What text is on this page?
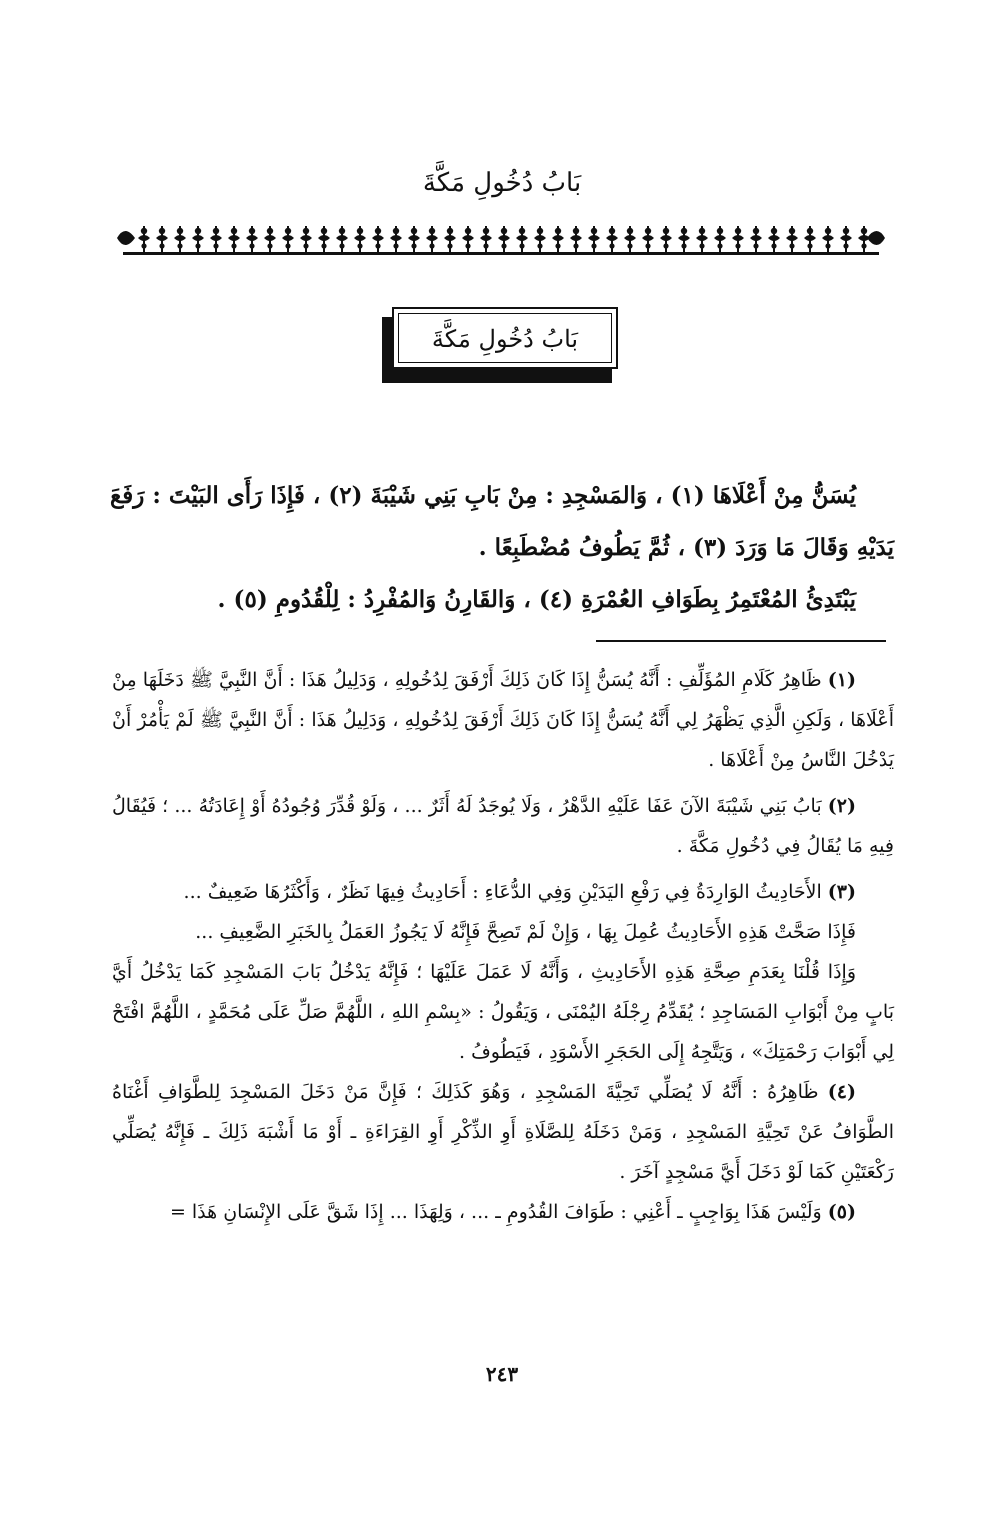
بَابُ دُخُولِ مَكَّةَ
بَابُ دُخُولِ مَكَّةَ

يُسَنُّ مِنْ أَعْلَاهَا (١) ، وَالمَسْجِدِ : مِنْ بَابِ بَنِي شَيْبَةَ (٢) ، فَإِذَا رَأَى البَيْتَ : رَفَعَ يَدَيْهِ وَقَالَ مَا وَرَدَ (٣) ، ثُمَّ يَطُوفُ مُضْطَبِعًا .

يَبْتَدِئُ المُعْتَمِرُ بِطَوَافِ العُمْرَةِ (٤) ، وَالقَارِنُ وَالمُفْرِدُ : لِلْقُدُومِ (٥) .

(١) ظَاهِرُ كَلَامِ المُؤَلِّفِ : أَنَّهُ يُسَنُّ إِذَا كَانَ ذَلِكَ أَرْفَقَ لِدُخُولِهِ ، وَدَلِيلُ هَذَا : أَنَّ النَّبِيَّ ﷺ دَخَلَهَا مِنْ أَعْلَاهَا ، وَلَكِنِ الَّذِي يَظْهَرُ لِي أَنَّهُ يُسَنُّ إِذَا كَانَ ذَلِكَ أَرْفَقَ لِدُخُولِهِ ، وَدَلِيلُ هَذَا : أَنَّ النَّبِيَّ ﷺ لَمْ يَأْمُرْ أَنْ يَدْخُلَ النَّاسُ مِنْ أَعْلَاهَا .

(٢) بَابُ بَنِي شَيْبَةَ الآنَ عَفَا عَلَيْهِ الدَّهْرُ ، وَلَا يُوجَدُ لَهُ أَثَرٌ ... ، وَلَوْ قُدِّرَ وُجُودُهُ أَوْ إِعَادَتُهُ ... ؛ فَيُقَالُ فِيهِ مَا يُقَالُ فِي دُخُولِ مَكَّةَ .

(٣) الأَحَادِيثُ الوَارِدَةُ فِي رَفْعِ اليَدَيْنِ وَفِي الدُّعَاءِ : أَحَادِيثُ فِيهَا نَظَرٌ ، وَأَكْثَرُهَا ضَعِيفٌ ...

فَإِذَا صَحَّتْ هَذِهِ الأَحَادِيثُ عُمِلَ بِهَا ، وَإِنْ لَمْ تَصِحَّ فَإِنَّهُ لَا يَجُوزُ العَمَلُ بِالخَبَرِ الضَّعِيفِ ...

وَإِذَا قُلْنَا بِعَدَمِ صِحَّةِ هَذِهِ الأَحَادِيثِ ، وَأَنَّهُ لَا عَمَلَ عَلَيْهَا ؛ فَإِنَّهُ يَدْخُلُ بَابَ المَسْجِدِ كَمَا يَدْخُلُ أَيَّ بَابٍ مِنْ أَبْوَابِ المَسَاجِدِ ؛ يُقَدِّمُ رِجْلَهُ اليُمْنَى ، وَيَقُولُ : «بِسْمِ اللهِ ، اللَّهُمَّ صَلِّ عَلَى مُحَمَّدٍ ، اللَّهُمَّ افْتَحْ لِي أَبْوَابَ رَحْمَتِكَ» ، وَيَتَّجِهُ إِلَى الحَجَرِ الأَسْوَدِ ، فَيَطُوفُ .

(٤) ظَاهِرُهُ : أَنَّهُ لَا يُصَلِّي تَحِيَّةَ المَسْجِدِ ، وَهُوَ كَذَلِكَ ؛ فَإِنَّ مَنْ دَخَلَ المَسْجِدَ لِلطَّوَافِ أَغْنَاهُ الطَّوَافُ عَنْ تَحِيَّةِ المَسْجِدِ ، وَمَنْ دَخَلَهُ لِلصَّلَاةِ أَوِ الذِّكْرِ أَوِ القِرَاءَةِ ـ أَوْ مَا أَشْبَهَ ذَلِكَ ـ فَإِنَّهُ يُصَلِّي رَكْعَتَيْنِ كَمَا لَوْ دَخَلَ أَيَّ مَسْجِدٍ آخَرَ .

(٥) وَلَيْسَ هَذَا بِوَاجِبٍ ـ أَعْنِي : طَوَافَ القُدُومِ ـ ... ، وَلِهَذَا ... إِذَا شَقَّ عَلَى الإِنْسَانِ هَذَا =

٢٤٣
